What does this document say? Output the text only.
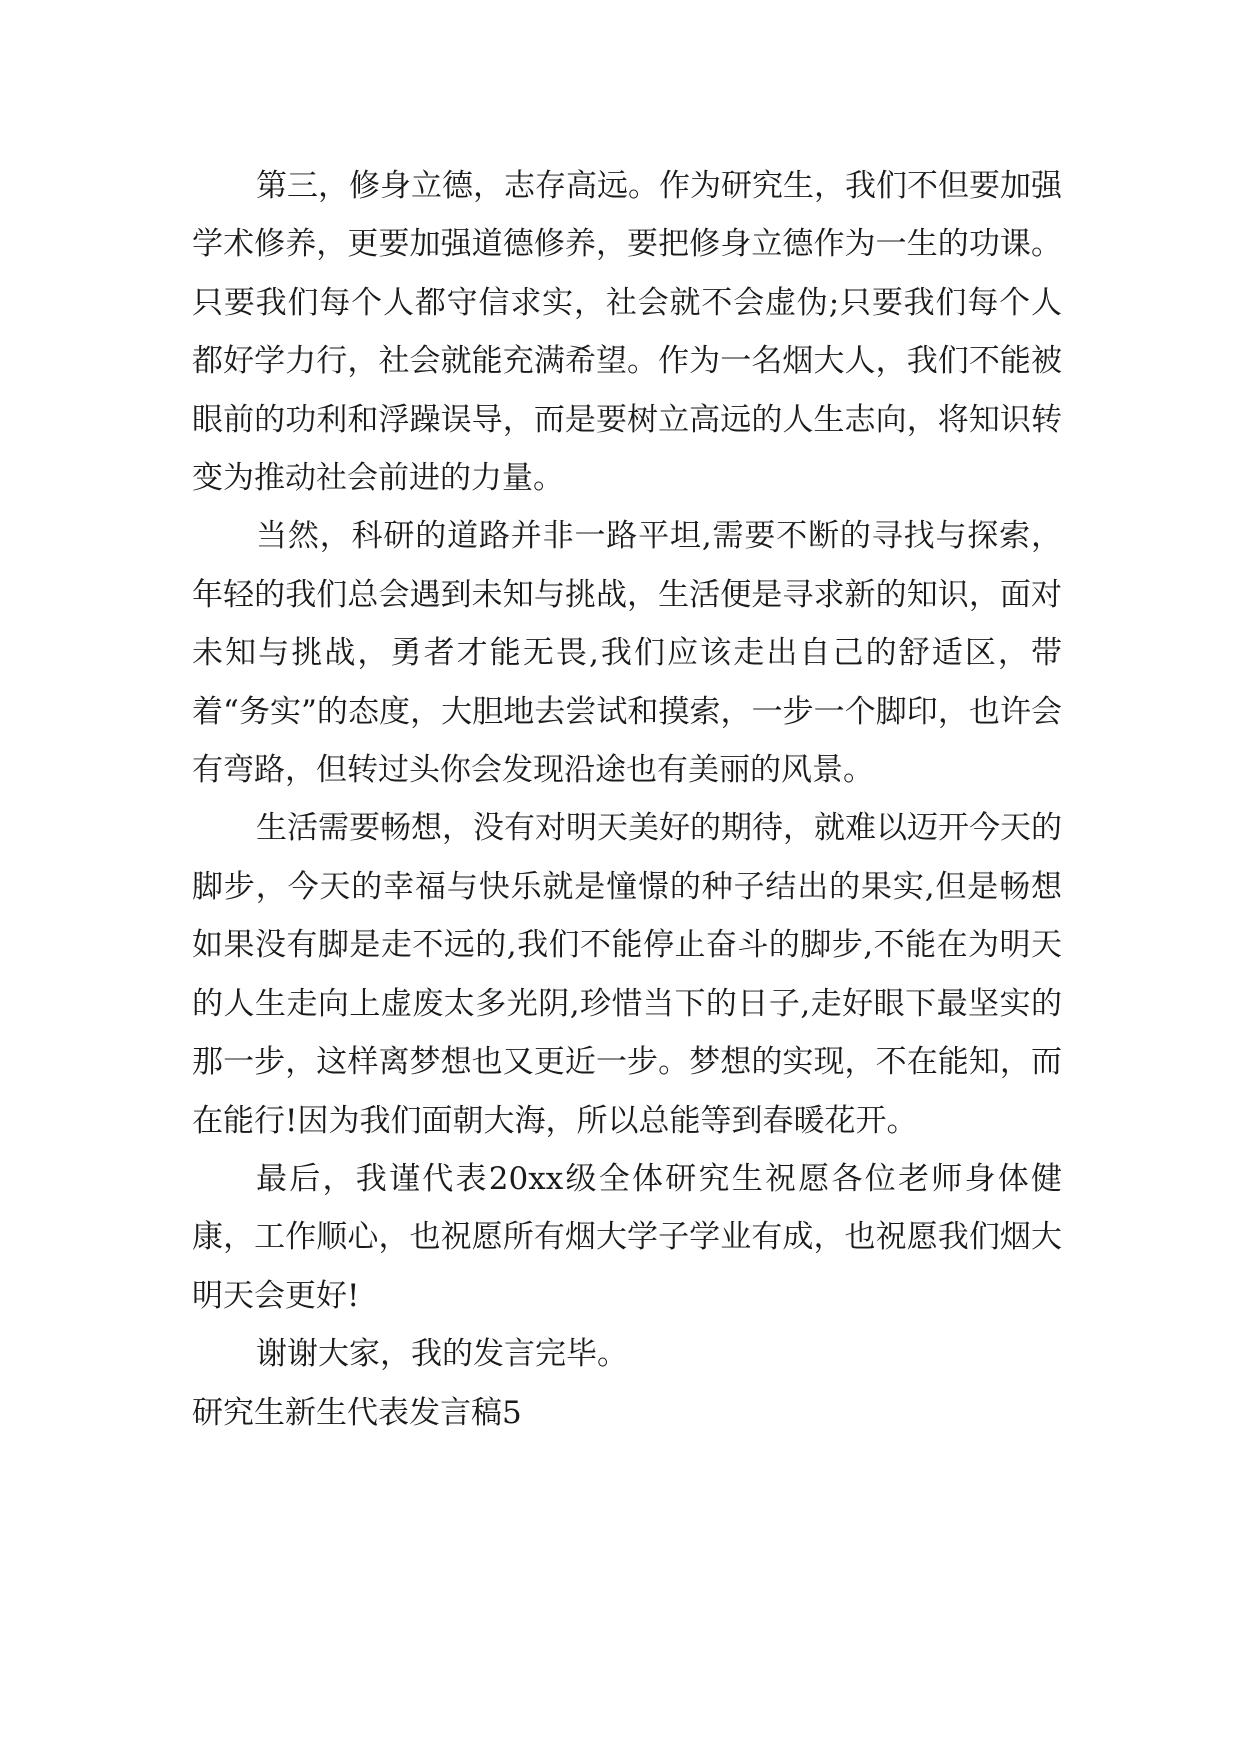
第三，修身立德，志存高远。作为研究生，我们不但要加强学术修养，更要加强道德修养，要把修身立德作为一生的功课。只要我们每个人都守信求实，社会就不会虚伪;只要我们每个人都好学力行，社会就能充满希望。作为一名烟大人，我们不能被眼前的功利和浮躁误导，而是要树立高远的人生志向，将知识转变为推动社会前进的力量。

当然，科研的道路并非一路平坦,需要不断的寻找与探索，年轻的我们总会遇到未知与挑战，生活便是寻求新的知识，面对未知与挑战，勇者才能无畏,我们应该走出自己的舒适区，带着“务实”的态度，大胆地去尝试和摸索，一步一个脚印，也许会有弯路，但转过头你会发现沿途也有美丽的风景。

生活需要畅想，没有对明天美好的期待，就难以迈开今天的脚步，今天的幸福与快乐就是憧憬的种子结出的果实,但是畅想如果没有脚是走不远的,我们不能停止奋斗的脚步,不能在为明天的人生走向上虚废太多光阴,珍惜当下的日子,走好眼下最坚实的那一步，这样离梦想也又更近一步。梦想的实现，不在能知，而在能行!因为我们面朝大海，所以总能等到春暖花开。

最后，我谨代表20xx级全体研究生祝愿各位老师身体健康，工作顺心，也祝愿所有烟大学子学业有成，也祝愿我们烟大明天会更好!

谢谢大家，我的发言完毕。

研究生新生代表发言稿5
